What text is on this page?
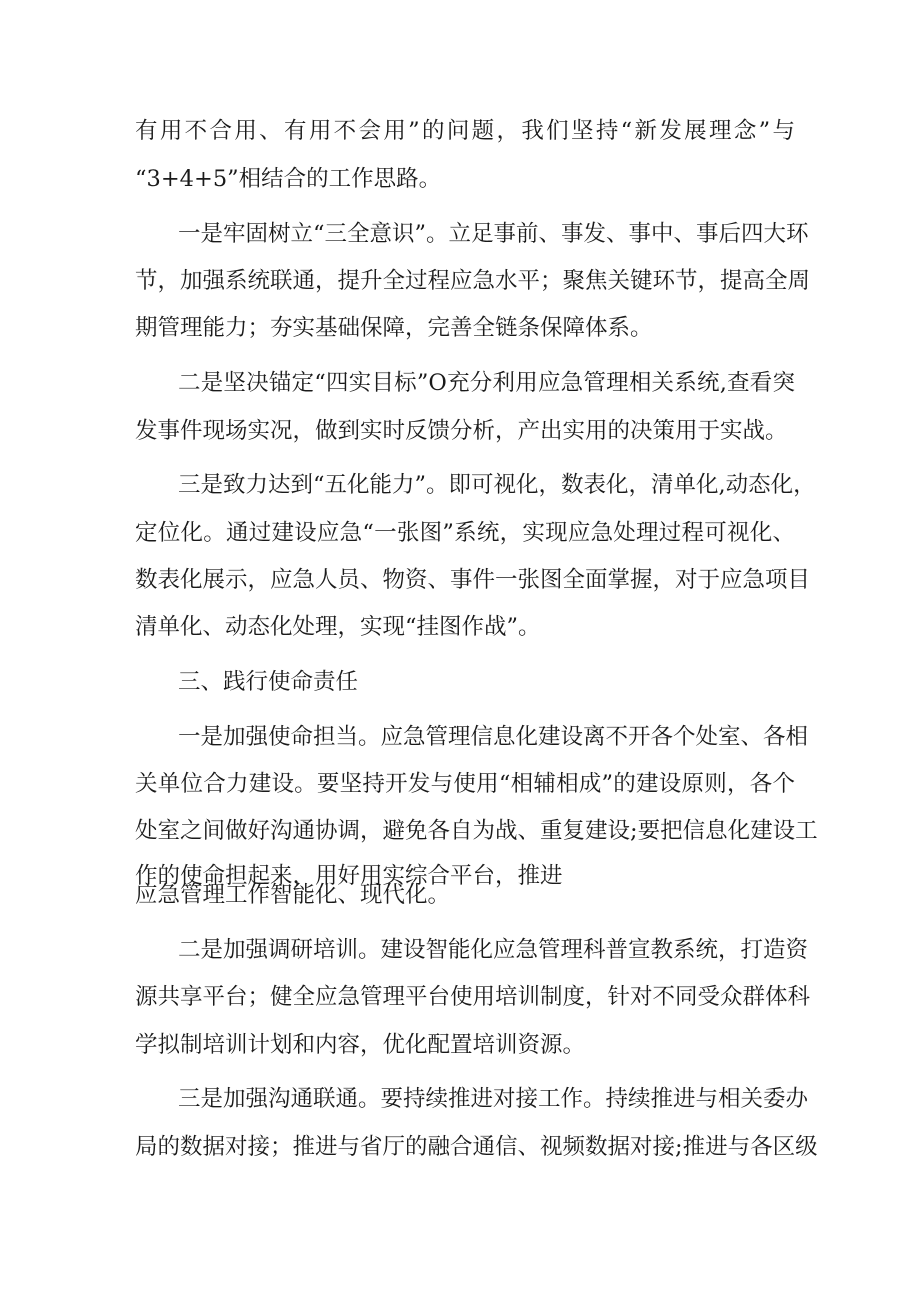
有用不合用、有用不会用”的问题，我们坚持“新发展理念”与

“3+4+5”相结合的工作思路。

一是牢固树立“三全意识”。立足事前、事发、事中、事后四大环

节，加强系统联通，提升全过程应急水平；聚焦关键环节，提高全周

期管理能力；夯实基础保障，完善全链条保障体系。

二是坚决锚定“四实目标”O充分利用应急管理相关系统,查看突

发事件现场实况，做到实时反馈分析，产出实用的决策用于实战。

三是致力达到“五化能力”。即可视化，数表化，清单化,动态化，

定位化。通过建设应急“一张图”系统，实现应急处理过程可视化、

数表化展示，应急人员、物资、事件一张图全面掌握，对于应急项目

清单化、动态化处理，实现“挂图作战”。

三、践行使命责任

一是加强使命担当。应急管理信息化建设离不开各个处室、各相

关单位合力建设。要坚持开发与使用“相辅相成”的建设原则，各个

处室之间做好沟通协调，避免各自为战、重复建设;要把信息化建设工

作的使命担起来，用好用实综合平台，推进

应急管理工作智能化、现代化。

二是加强调研培训。建设智能化应急管理科普宣教系统，打造资

源共享平台；健全应急管理平台使用培训制度，针对不同受众群体科

学拟制培训计划和内容，优化配置培训资源。

三是加强沟通联通。要持续推进对接工作。持续推进与相关委办

局的数据对接；推进与省厅的融合通信、视频数据对接;推进与各区级
